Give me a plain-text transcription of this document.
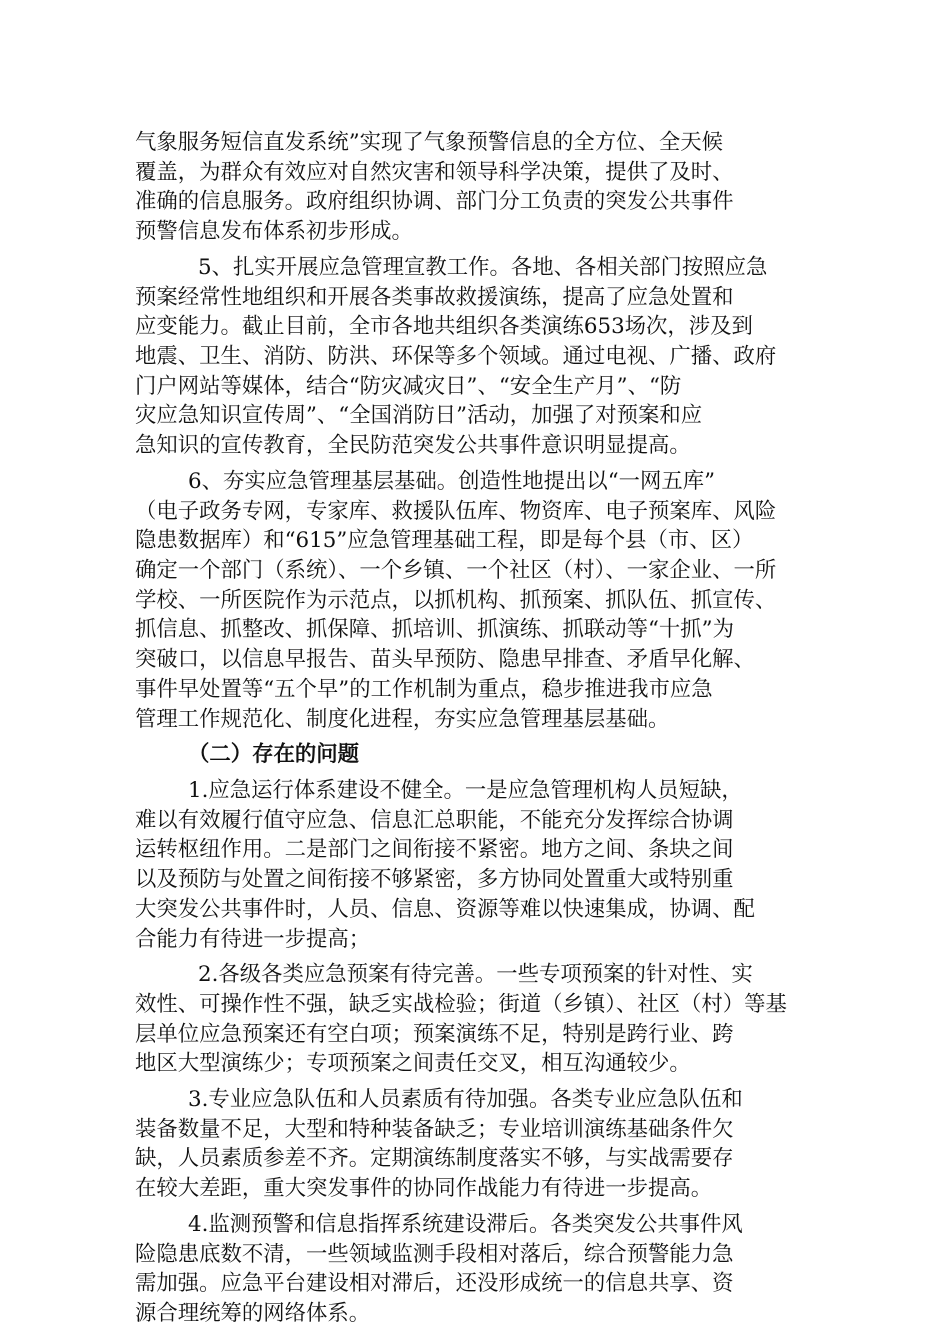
气象服务短信直发系统”实现了气象预警信息的全方位、全天候
覆盖，为群众有效应对自然灾害和领导科学决策，提供了及时、
准确的信息服务。政府组织协调、部门分工负责的突发公共事件
预警信息发布体系初步形成。
5、扎实开展应急管理宣教工作。各地、各相关部门按照应急
预案经常性地组织和开展各类事故救援演练，提高了应急处置和
应变能力。截止目前，全市各地共组织各类演练653场次，涉及到
地震、卫生、消防、防洪、环保等多个领域。通过电视、广播、政府
门户网站等媒体，结合“防灾减灾日”、“安全生产月”、“防
灾应急知识宣传周”、“全国消防日”活动，加强了对预案和应
急知识的宣传教育，全民防范突发公共事件意识明显提高。
6、夯实应急管理基层基础。创造性地提出以“一网五库”
（电子政务专网，专家库、救援队伍库、物资库、电子预案库、风险
隐患数据库）和“615”应急管理基础工程，即是每个县（市、区）
确定一个部门（系统）、一个乡镇、一个社区（村）、一家企业、一所
学校、一所医院作为示范点，以抓机构、抓预案、抓队伍、抓宣传、
抓信息、抓整改、抓保障、抓培训、抓演练、抓联动等“十抓”为
突破口，以信息早报告、苗头早预防、隐患早排查、矛盾早化解、
事件早处置等“五个早”的工作机制为重点，稳步推进我市应急
管理工作规范化、制度化进程，夯实应急管理基层基础。
（二）存在的问题
1.应急运行体系建设不健全。一是应急管理机构人员短缺，
难以有效履行值守应急、信息汇总职能，不能充分发挥综合协调
运转枢纽作用。二是部门之间衔接不紧密。地方之间、条块之间
以及预防与处置之间衔接不够紧密，多方协同处置重大或特别重
大突发公共事件时，人员、信息、资源等难以快速集成，协调、配
合能力有待进一步提高；
2.各级各类应急预案有待完善。一些专项预案的针对性、实
效性、可操作性不强，缺乏实战检验；街道（乡镇）、社区（村）等基
层单位应急预案还有空白项；预案演练不足，特别是跨行业、跨
地区大型演练少；专项预案之间责任交叉，相互沟通较少。
3.专业应急队伍和人员素质有待加强。各类专业应急队伍和
装备数量不足，大型和特种装备缺乏；专业培训演练基础条件欠
缺，人员素质参差不齐。定期演练制度落实不够，与实战需要存
在较大差距，重大突发事件的协同作战能力有待进一步提高。
4.监测预警和信息指挥系统建设滞后。各类突发公共事件风
险隐患底数不清，一些领域监测手段相对落后，综合预警能力急
需加强。应急平台建设相对滞后，还没形成统一的信息共享、资
源合理统筹的网络体系。
